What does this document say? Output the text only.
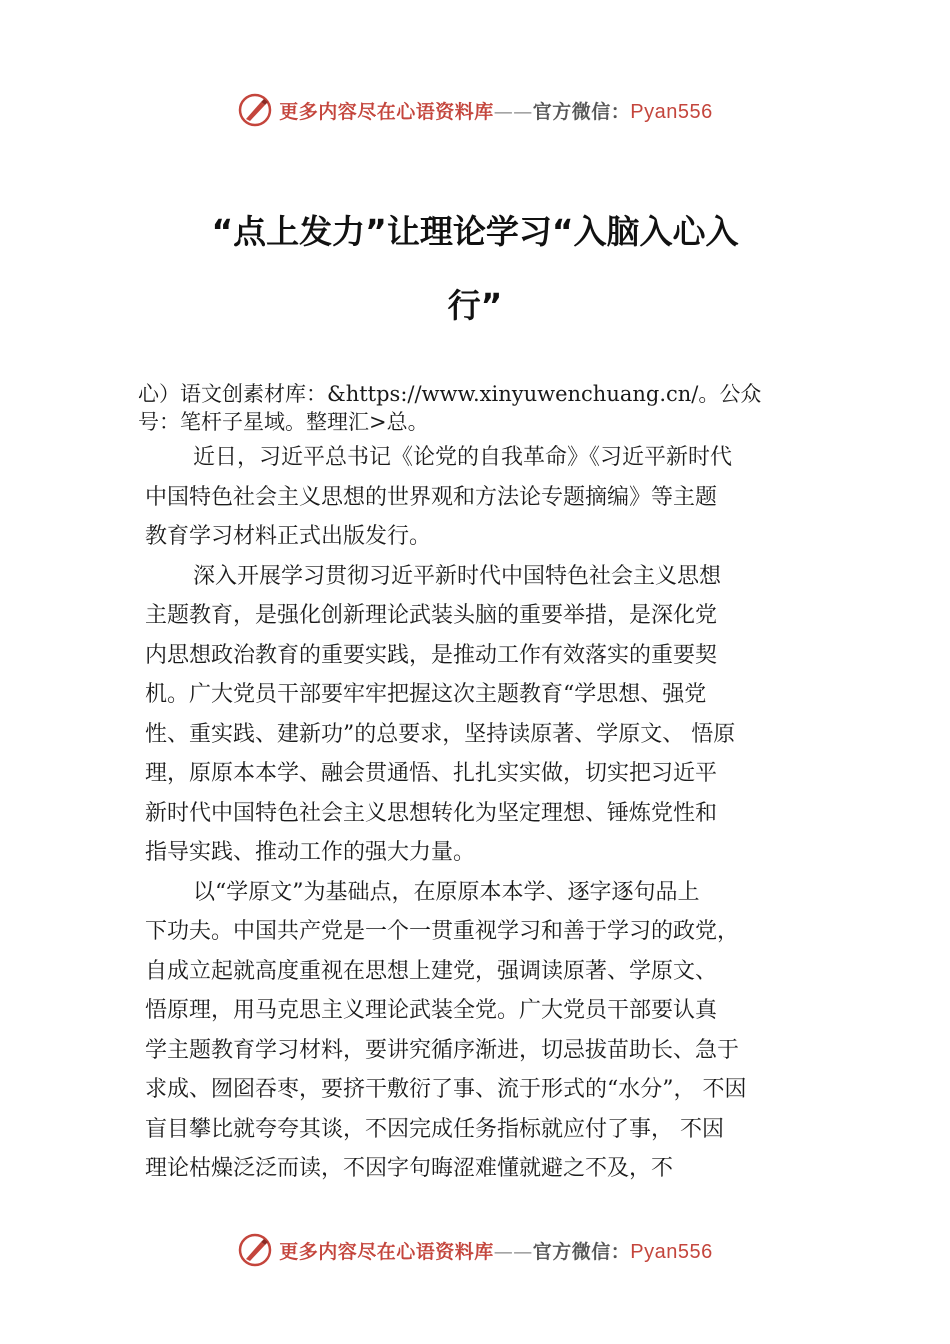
更多内容尽在心语资料库——官方微信：Pyan556
“点上发力”让理论学习“入脑入心入
行”
心）语文创素材库：&https://www.xinyuwenchuang.cn/。公众
号：笔杆子星域。整理汇>总。
近日，习近平总书记《论党的自我革命》《习近平新时代
中国特色社会主义思想的世界观和方法论专题摘编》等主题
教育学习材料正式出版发行。
深入开展学习贯彻习近平新时代中国特色社会主义思想
主题教育，是强化创新理论武装头脑的重要举措，是深化党
内思想政治教育的重要实践，是推动工作有效落实的重要契
机。广大党员干部要牢牢把握这次主题教育“学思想、强党
性、重实践、建新功”的总要求，坚持读原著、学原文、 悟原
理，原原本本学、融会贯通悟、扎扎实实做，切实把习近平
新时代中国特色社会主义思想转化为坚定理想、锤炼党性和
指导实践、推动工作的强大力量。
以“学原文”为基础点，在原原本本学、逐字逐句品上
下功夫。中国共产党是一个一贯重视学习和善于学习的政党，
自成立起就高度重视在思想上建党，强调读原著、学原文、
悟原理，用马克思主义理论武装全党。广大党员干部要认真
学主题教育学习材料，要讲究循序渐进，切忌拔苗助长、急于
求成、囫囵吞枣，要挤干敷衍了事、流于形式的“水分”， 不因
盲目攀比就夸夸其谈，不因完成任务指标就应付了事， 不因
理论枯燥泛泛而读，不因字句晦涩难懂就避之不及，不
更多内容尽在心语资料库——官方微信：Pyan556
